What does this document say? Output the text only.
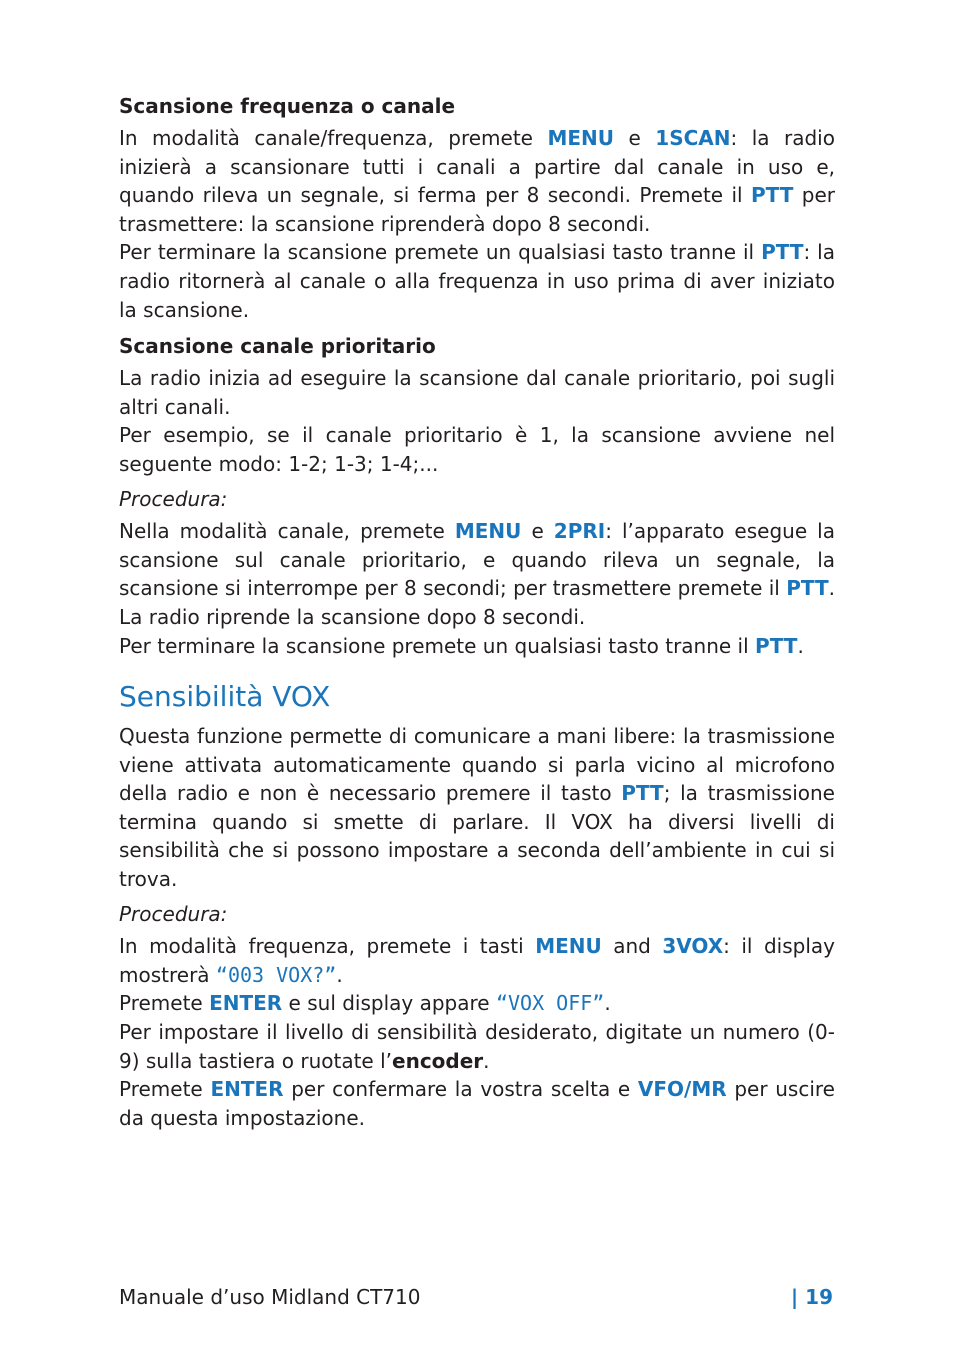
Scansione frequenza o canale

In modalità canale/frequenza, premete MENU e 1SCAN: la radio inizierà a scansionare tutti i canali a partire dal canale in uso e, quando rileva un segnale, si ferma per 8 secondi. Premete il PTT per trasmettere: la scansione riprenderà dopo 8 secondi.

Per terminare la scansione premete un qualsiasi tasto tranne il PTT: la radio ritornerà al canale o alla frequenza in uso prima di aver iniziato la scansione.

Scansione canale prioritario

La radio inizia ad eseguire la scansione dal canale prioritario, poi sugli altri canali.

Per esempio, se il canale prioritario è 1, la scansione avviene nel seguente modo: 1-2; 1-3; 1-4;...

Procedura:

Nella modalità canale, premete MENU e 2PRI: l’apparato esegue la scansione sul canale prioritario, e quando rileva un segnale, la scansione si interrompe per 8 secondi; per trasmettere premete il PTT. La radio riprende la scansione dopo 8 secondi.

Per terminare la scansione premete un qualsiasi tasto tranne il PTT.

Sensibilità VOX

Questa funzione permette di comunicare a mani libere: la trasmissione viene attivata automaticamente quando si parla vicino al microfono della radio e non è necessario premere il tasto PTT; la trasmissione termina quando si smette di parlare. Il VOX ha diversi livelli di sensibilità che si possono impostare a seconda dell’ambiente in cui si trova.

Procedura:

In modalità frequenza, premete i tasti MENU and 3VOX: il display mostrerà “003 VOX?”.

Premete ENTER e sul display appare “VOX OFF”.

Per impostare il livello di sensibilità desiderato, digitate un numero (0-9) sulla tastiera o ruotate l’encoder.

Premete ENTER per confermare la vostra scelta e VFO/MR per uscire da questa impostazione.

Manuale d’uso Midland CT710	| 19
